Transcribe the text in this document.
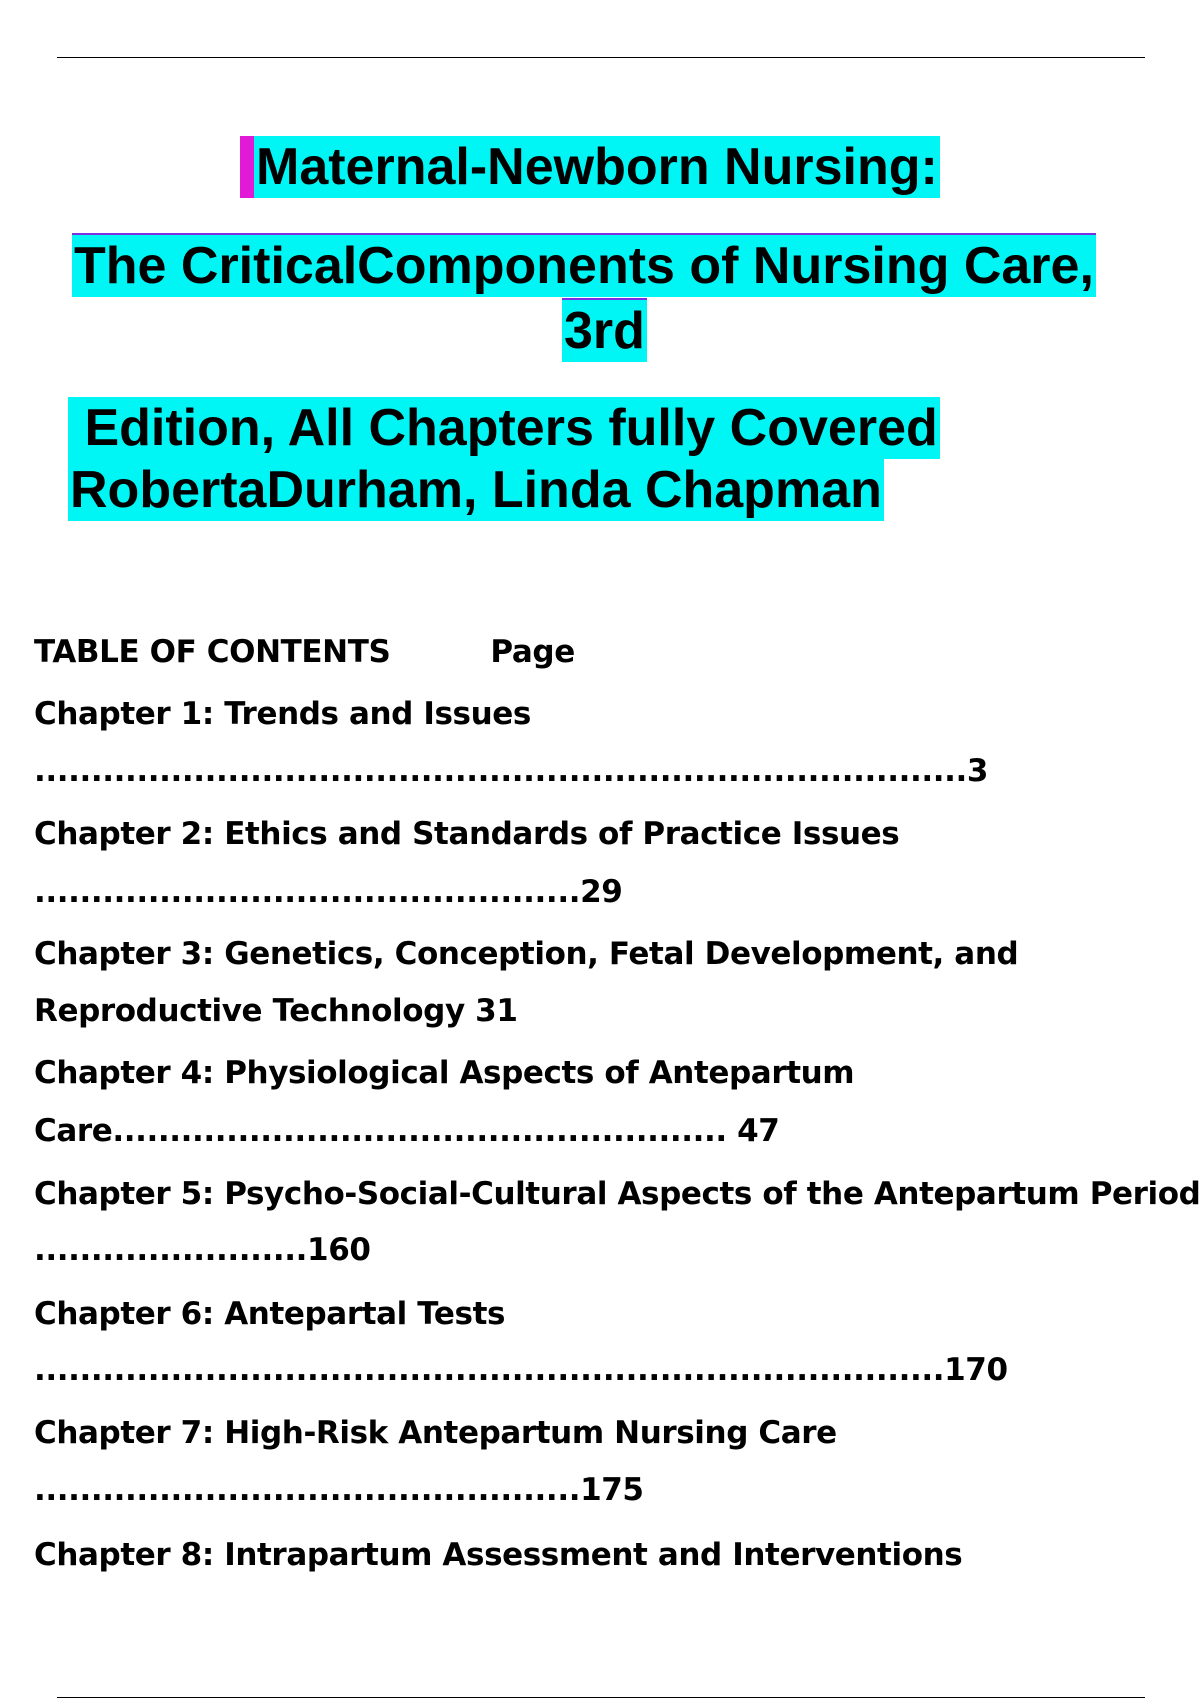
Maternal-Newborn Nursing:
The CriticalComponents of Nursing Care,
3rd
Edition, All Chapters fully Covered
RobertaDurham, Linda Chapman
TABLE OF CONTENTS	Page
Chapter 1: Trends and Issues
..................................................................................3
Chapter 2: Ethics and Standards of Practice Issues
................................................29
Chapter 3: Genetics, Conception, Fetal Development, and
Reproductive Technology 31
Chapter 4: Physiological Aspects of Antepartum
Care...................................................... 47
Chapter 5: Psycho-Social-Cultural Aspects of the Antepartum Period
........................160
Chapter 6: Antepartal Tests
................................................................................170
Chapter 7: High-Risk Antepartum Nursing Care
................................................175
Chapter 8: Intrapartum Assessment and Interventions
